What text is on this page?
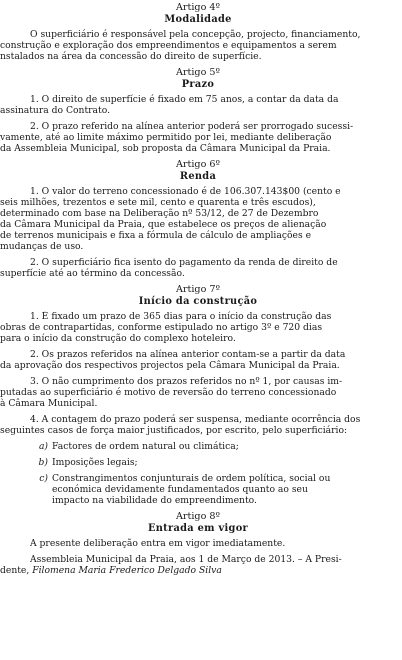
Artigo 4º
Modalidade
O superficiário é responsável pela concepção, projecto, financiamento,
construção e exploração dos empreendimentos e equipamentos a serem
nstalados na área da concessão do direito de superfície.
Artigo 5º
Prazo
1. O direito de superfície é fixado em 75 anos, a contar da data da
assinatura do Contrato.
2. O prazo referido na alínea anterior poderá ser prorrogado sucessi-
vamente, até ao limite máximo permitido por lei, mediante deliberação
da Assembleia Municipal, sob proposta da Câmara Municipal da Praia.
Artigo 6º
Renda
1. O valor do terreno concessionado é de 106.307.143$00 (cento e
seis milhões, trezentos e sete mil, cento e quarenta e três escudos),
determinado com base na Deliberação nº 53/12, de 27 de Dezembro
da Câmara Municipal da Praia, que estabelece os preços de alienação
de terrenos municipais e fixa a fórmula de cálculo de ampliações e
mudanças de uso.
2. O superficiário fica isento do pagamento da renda de direito de
superfície até ao término da concessão.
Artigo 7º
Início da construção
1. É fixado um prazo de 365 dias para o início da construção das
obras de contrapartidas, conforme estipulado no artigo 3º e 720 dias
para o início da construção do complexo hoteleiro.
2. Os prazos referidos na alínea anterior contam-se a partir da data
da aprovação dos respectivos projectos pela Câmara Municipal da Praia.
3. O não cumprimento dos prazos referidos no nº 1, por causas im-
putadas ao superficiário é motivo de reversão do terreno concessionado
à Câmara Municipal.
4. A contagem do prazo poderá ser suspensa, mediante ocorrência dos
seguintes casos de força maior justificados, por escrito, pelo superficiário:
a) Factores de ordem natural ou climática;
b) Imposições legais;
c) Constrangimentos conjunturais de ordem política, social ou
económica devidamente fundamentados quanto ao seu
impacto na viabilidade do empreendimento.
Artigo 8º
Entrada em vigor
A presente deliberação entra em vigor imediatamente.
Assembleia Municipal da Praia, aos 1 de Março de 2013. – A Presi-
dente, Filomena Maria Frederico Delgado Silva
